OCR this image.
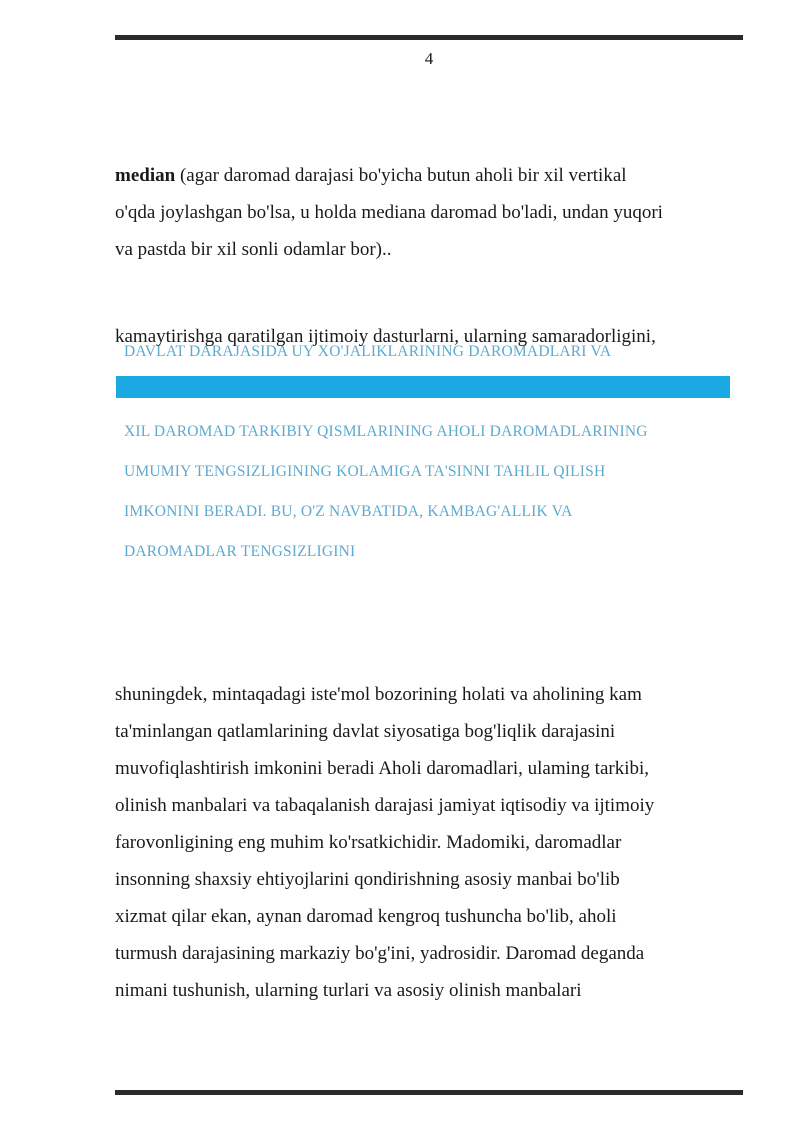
4
median (agar daromad darajasi bo'yicha butun aholi bir xil vertikal
o'qda joylashgan bo'lsa, u holda mediana daromad bo'ladi, undan yuqori
va pastda bir xil sonli odamlar bor)..
kamaytirishga qaratilgan ijtimoiy dasturlarni, ularning samaradorligini,
DAVLAT DARAJASIDA UY XO'JALIKLARINING DAROMADLARI VA
XIL DAROMAD TARKIBIY QISMLARINING AHOLI DAROMADLARINING
UMUMIY TENGSIZLIGINING KOLAMIGA TA'SINNI TAHLIL QILISH
IMKONINI BERADI. BU, O'Z NAVBATIDA, KAMBAG'ALLIK VA
DAROMADLAR TENGSIZLIGINI
shuningdek, mintaqadagi iste'mol bozorining holati va aholining kam
ta'minlangan qatlamlarining davlat siyosatiga bog'liqlik darajasini
muvofiqlashtirish imkonini beradi Aholi daromadlari, ulaming tarkibi,
olinish manbalari va tabaqalanish darajasi jamiyat iqtisodiy va ijtimoiy
farovonligining eng muhim ko'rsatkichidir. Madomiki, daromadlar
insonning shaxsiy ehtiyojlarini qondirishning asosiy manbai bo'lib
xizmat qilar ekan, aynan daromad kengroq tushuncha bo'lib, aholi
turmush darajasining markaziy bo'g'ini, yadrosidir. Daromad deganda
nimani tushunish, ularning turlari va asosiy olinish manbalari
